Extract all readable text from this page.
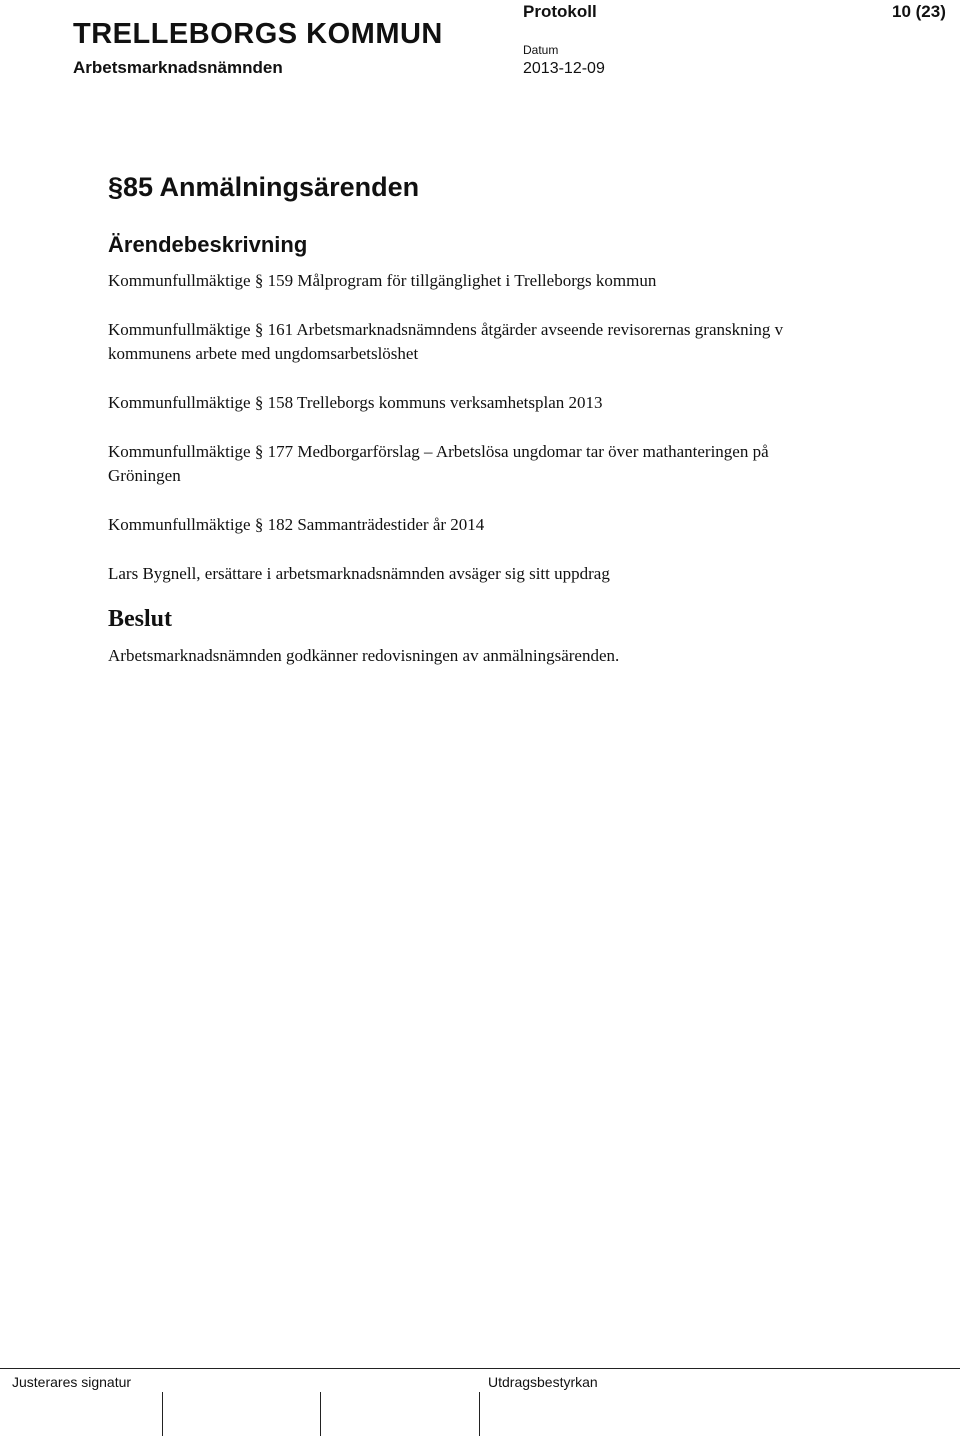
TRELLEBORGS KOMMUN
Arbetsmarknadsnämnden
Protokoll	10 (23)
Datum
2013-12-09
§85 Anmälningsärenden
Ärendebeskrivning
Kommunfullmäktige § 159 Målprogram för tillgänglighet i Trelleborgs kommun
Kommunfullmäktige § 161 Arbetsmarknadsnämndens åtgärder avseende revisorernas granskning v kommunens arbete med ungdomsarbetslöshet
Kommunfullmäktige § 158 Trelleborgs kommuns verksamhetsplan 2013
Kommunfullmäktige § 177 Medborgarförslag – Arbetslösa ungdomar tar över mathanteringen på Gröningen
Kommunfullmäktige § 182 Sammanträdestider år 2014
Lars Bygnell, ersättare i arbetsmarknadsnämnden avsäger sig sitt uppdrag
Beslut
Arbetsmarknadsnämnden godkänner redovisningen av anmälningsärenden.
Justerares signatur	Utdragsbestyrkan
